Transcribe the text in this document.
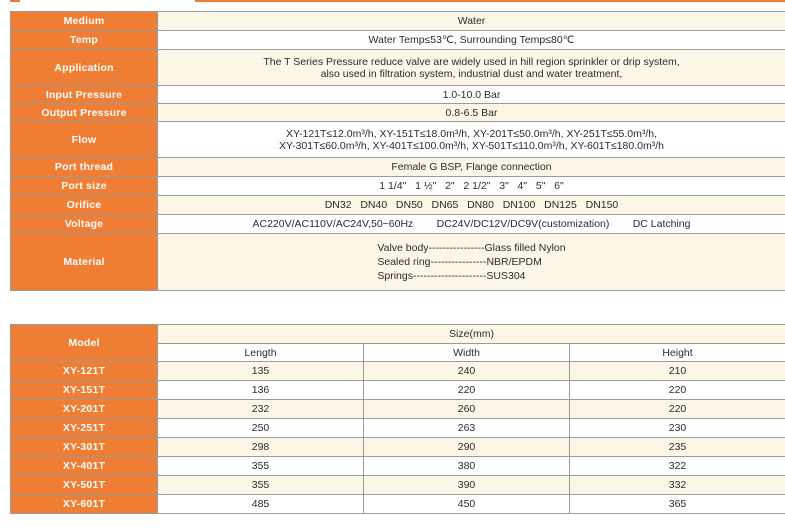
Medium	Water
Temp	Water Temp≤53℃, Surrounding Temp≤80℃
Application	The T Series Pressure reduce valve are widely used in hill region sprinkler or drip system,
also used in filtration system, industrial dust and water treatment,

Input Pressure	1.0-10.0 Bar
Output Pressure	0.8-6.5 Bar
Flow	XY-121T≤12.0m³/h, XY-151T≤18.0m³/h, XY-201T≤50.0m³/h, XY-251T≤55.0m³/h,
XY-301T≤60.0m³/h, XY-401T≤100.0m³/h, XY-501T≤110.0m³/h, XY-601T≤180.0m³/h

Port thread	Female G BSP, Flange connection
Port size	1 1/4"   1 ½"   2"   2 1/2"   3"   4"   5"   6"
Orifice	DN32   DN40   DN50   DN65   DN80   DN100   DN125   DN150
Voltage	AC220V/AC110V/AC24V,50~60Hz        DC24V/DC12V/DC9V(customization)        DC Latching
Material	Valve body----------------Glass filled Nylon
Sealed ring----------------NBR/EPDM
Springs---------------------SUS304
Model	Size(mm)		
	Length	Width	Height
XY-121T	135	240	210
XY-151T	136	220	220
XY-201T	232	260	220
XY-251T	250	263	230
XY-301T	298	290	235
XY-401T	355	380	322
XY-501T	355	390	332
XY-601T	485	450	365
